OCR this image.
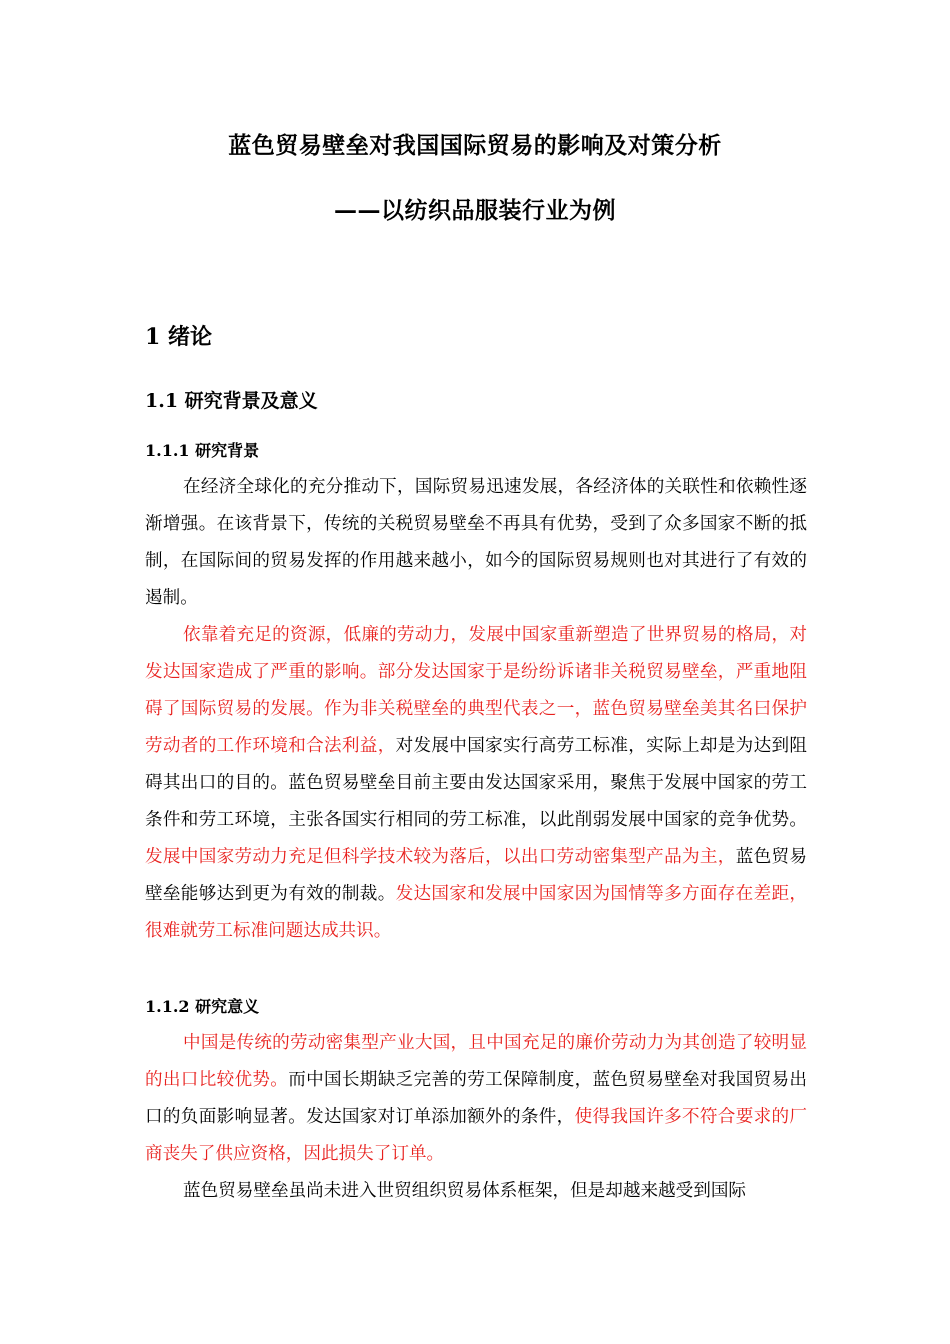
蓝色贸易壁垒对我国国际贸易的影响及对策分析
——以纺织品服装行业为例
1 绪论
1.1 研究背景及意义
1.1.1 研究背景

在经济全球化的充分推动下，国际贸易迅速发展，各经济体的关联性和依赖性逐渐增强。在该背景下，传统的关税贸易壁垒不再具有优势，受到了众多国家不断的抵制，在国际间的贸易发挥的作用越来越小，如今的国际贸易规则也对其进行了有效的遏制。

依靠着充足的资源，低廉的劳动力，发展中国家重新塑造了世界贸易的格局，对发达国家造成了严重的影响。部分发达国家于是纷纷诉诸非关税贸易壁垒，严重地阻碍了国际贸易的发展。作为非关税壁垒的典型代表之一，蓝色贸易壁垒美其名曰保护劳动者的工作环境和合法利益，对发展中国家实行高劳工标准，实际上却是为达到阻碍其出口的目的。蓝色贸易壁垒目前主要由发达国家采用，聚焦于发展中国家的劳工条件和劳工环境，主张各国实行相同的劳工标准，以此削弱发展中国家的竞争优势。发展中国家劳动力充足但科学技术较为落后，以出口劳动密集型产品为主，蓝色贸易壁垒能够达到更为有效的制裁。发达国家和发展中国家因为国情等多方面存在差距，很难就劳工标准问题达成共识。

1.1.2 研究意义

中国是传统的劳动密集型产业大国，且中国充足的廉价劳动力为其创造了较明显的出口比较优势。而中国长期缺乏完善的劳工保障制度，蓝色贸易壁垒对我国贸易出口的负面影响显著。发达国家对订单添加额外的条件，使得我国许多不符合要求的厂商丧失了供应资格，因此损失了订单。

蓝色贸易壁垒虽尚未进入世贸组织贸易体系框架，但是却越来越受到国际
